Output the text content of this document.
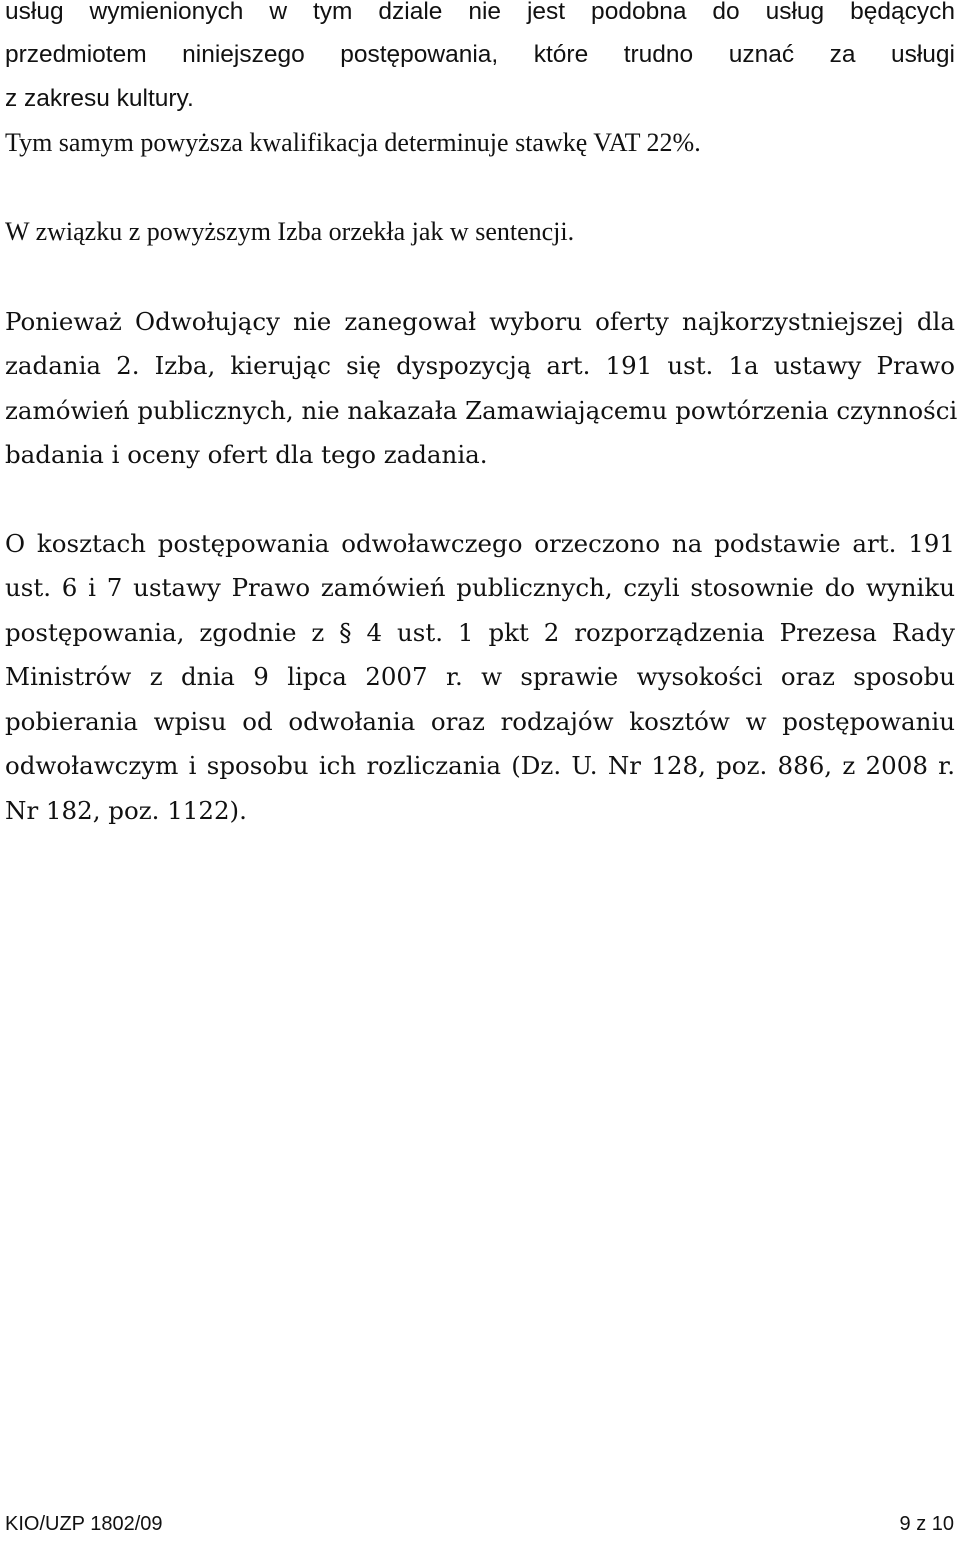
usług wymienionych w tym dziale nie jest podobna do usług będących
przedmiotem niniejszego postępowania, które trudno uznać za usługi
z zakresu kultury.
Tym samym powyższa kwalifikacja determinuje stawkę VAT 22%.
W związku z powyższym Izba orzekła jak w sentencji.
Ponieważ Odwołujący nie zanegował wyboru oferty najkorzystniejszej dla
zadania 2. Izba, kierując się dyspozycją art. 191 ust. 1a ustawy Prawo
zamówień publicznych, nie nakazała Zamawiającemu powtórzenia czynności
badania i oceny ofert dla tego zadania.
O kosztach postępowania odwoławczego orzeczono na podstawie art. 191
ust. 6 i 7 ustawy Prawo zamówień publicznych, czyli stosownie do wyniku
postępowania, zgodnie z § 4 ust. 1 pkt 2 rozporządzenia Prezesa Rady
Ministrów z dnia 9 lipca 2007 r. w sprawie wysokości oraz sposobu
pobierania wpisu od odwołania oraz rodzajów kosztów w postępowaniu
odwoławczym i sposobu ich rozliczania (Dz. U. Nr 128, poz. 886, z 2008 r.
Nr 182, poz. 1122).
KIO/UZP 1802/09	9 z 10
